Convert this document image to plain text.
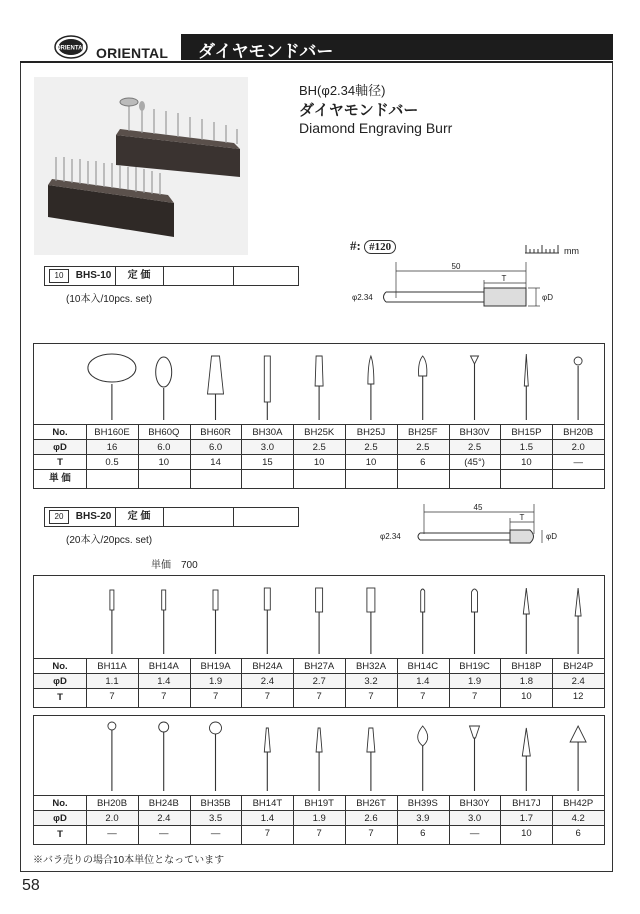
ORIENTAL ORIENTAL ダイヤモンドバー
BH(φ2.34軸径)
ダイヤモンドバー
Diamond Engraving Burr
#: #120	mm
50
T
φ2.34	φD
10 BHS-10	定 価
(10本入/10pcs. set)
No.	BH160E	BH60Q	BH60R	BH30A	BH25K	BH25J	BH25F	BH30V	BH15P	BH20B
φD	16	6.0	6.0	3.0	2.5	2.5	2.5	2.5	1.5	2.0
T	0.5	10	14	15	10	10	6	(45°)	10	—
単 価
20 BHS-20	定 価
(20本入/20pcs. set)
45
T
φ2.34	φD
単価　700
No.	BH11A	BH14A	BH19A	BH24A	BH27A	BH32A	BH14C	BH19C	BH18P	BH24P
φD	1.1	1.4	1.9	2.4	2.7	3.2	1.4	1.9	1.8	2.4
T	7	7	7	7	7	7	7	7	10	12
No.	BH20B	BH24B	BH35B	BH14T	BH19T	BH26T	BH39S	BH30Y	BH17J	BH42P
φD	2.0	2.4	3.5	1.4	1.9	2.6	3.9	3.0	1.7	4.2
T	—	—	—	7	7	7	6	—	10	6
※バラ売りの場合10本単位となっています
58
